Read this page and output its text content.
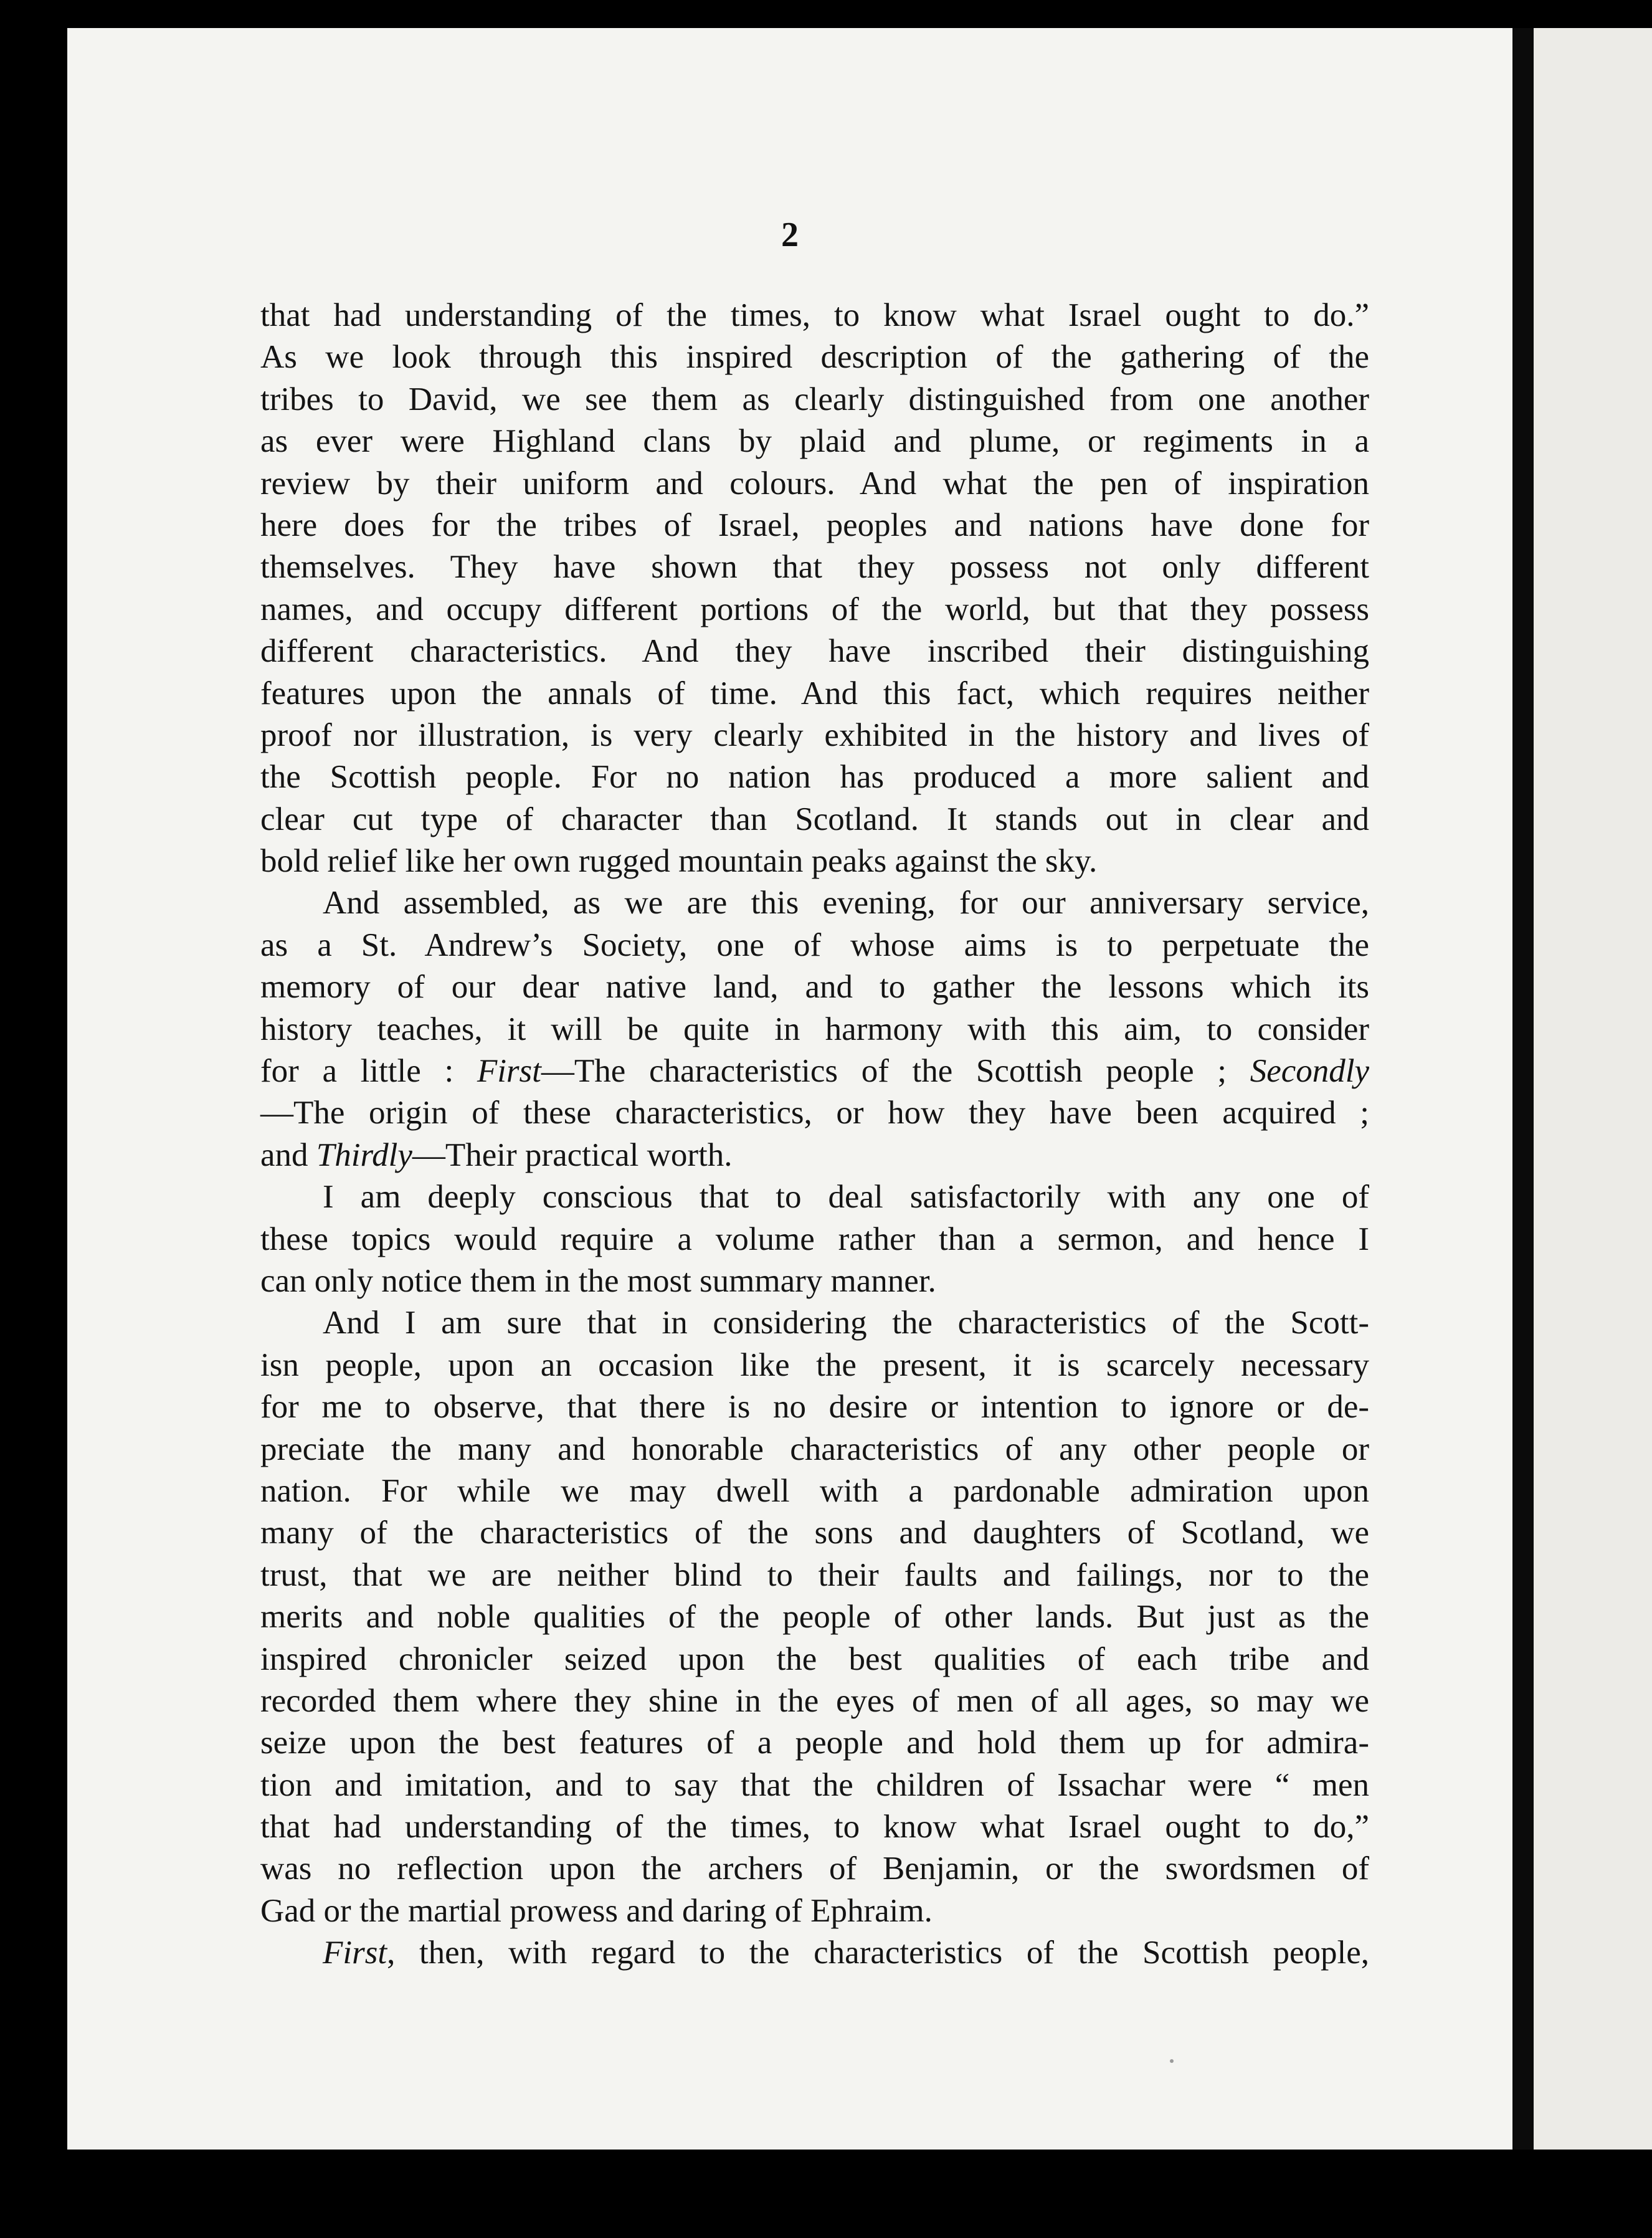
2
that had understanding of the times, to know what Israel ought to do.”
As we look through this inspired description of the gathering of the
tribes to David, we see them as clearly distinguished from one another
as ever were Highland clans by plaid and plume, or regiments in a
review by their uniform and colours. And what the pen of inspiration
here does for the tribes of Israel, peoples and nations have done for
themselves. They have shown that they possess not only different
names, and occupy different portions of the world, but that they possess
different characteristics. And they have inscribed their distinguishing
features upon the annals of time. And this fact, which requires neither
proof nor illustration, is very clearly exhibited in the history and lives of
the Scottish people. For no nation has produced a more salient and
clear cut type of character than Scotland. It stands out in clear and
bold relief like her own rugged mountain peaks against the sky.
And assembled, as we are this evening, for our anniversary service,
as a St. Andrew’s Society, one of whose aims is to perpetuate the
memory of our dear native land, and to gather the lessons which its
history teaches, it will be quite in harmony with this aim, to consider
for a little : First—The characteristics of the Scottish people ; Secondly
—The origin of these characteristics, or how they have been acquired ;
and Thirdly—Their practical worth.
I am deeply conscious that to deal satisfactorily with any one of
these topics would require a volume rather than a sermon, and hence I
can only notice them in the most summary manner.
And I am sure that in considering the characteristics of the Scott-
isn people, upon an occasion like the present, it is scarcely necessary
for me to observe, that there is no desire or intention to ignore or de-
preciate the many and honorable characteristics of any other people or
nation. For while we may dwell with a pardonable admiration upon
many of the characteristics of the sons and daughters of Scotland, we
trust, that we are neither blind to their faults and failings, nor to the
merits and noble qualities of the people of other lands. But just as the
inspired chronicler seized upon the best qualities of each tribe and
recorded them where they shine in the eyes of men of all ages, so may we
seize upon the best features of a people and hold them up for admira-
tion and imitation, and to say that the children of Issachar were “ men
that had understanding of the times, to know what Israel ought to do,”
was no reflection upon the archers of Benjamin, or the swordsmen of
Gad or the martial prowess and daring of Ephraim.
First, then, with regard to the characteristics of the Scottish people,
